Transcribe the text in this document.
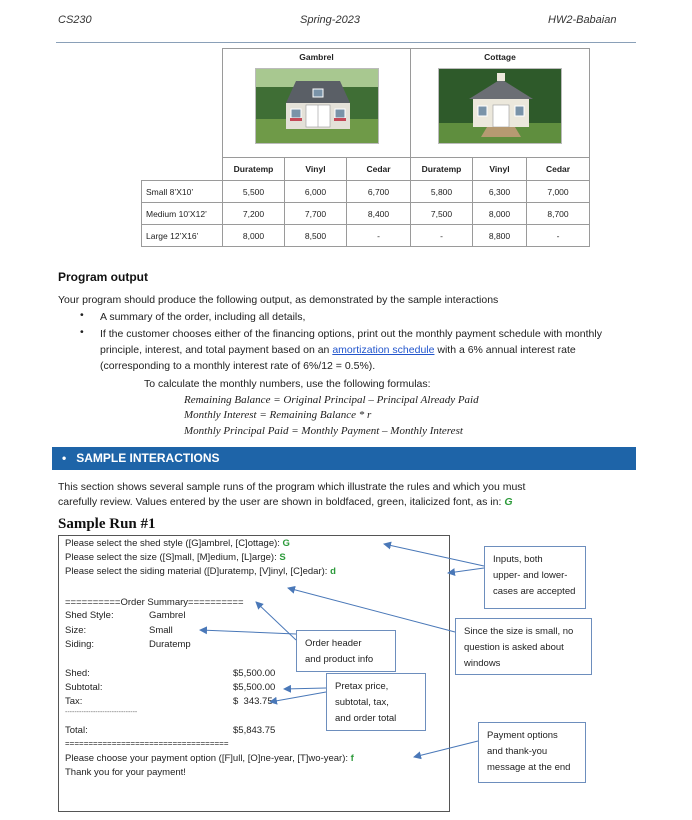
CS230	Spring-2023	HW2-Babaian

	Gambrel			Cottage		

	Duratemp	Vinyl	Cedar	Duratemp	Vinyl	Cedar
Small 8’X10’	5,500	6,000	6,700	5,800	6,300	7,000
Medium 10’X12’	7,200	7,700	8,400	7,500	8,000	8,700
Large 12’X16’	8,000	8,500	-	-	8,800	-
Program output
Your program should produce the following output, as demonstrated by the sample interactions
• A summary of the order, including all details,
• If the customer chooses either of the financing options, print out the monthly payment schedule with monthly
principle, interest, and total payment based on an amortization schedule with a 6% annual interest rate
(corresponding to a monthly interest rate of 6%/12 = 0.5%).
To calculate the monthly numbers, use the following formulas:
Remaining Balance = Original Principal – Principal Already Paid
Monthly Interest = Remaining Balance * r
Monthly Principal Paid = Monthly Payment – Monthly Interest
•   SAMPLE INTERACTIONS
This section shows several sample runs of the program which illustrate the rules and which you must
carefully review. Values entered by the user are shown in boldfaced, green, italicized font, as in: G
Sample Run #1
Please select the shed style ([G]ambrel, [C]ottage): G
Please select the size ([S]mall, [M]edium, [L]arge): S
Please select the siding material ([D]uratemp, [V]inyl, [C]edar): d
==========Order Summary==========
Shed Style:	Gambrel
Size:	Small
Siding:	Duratemp
Shed:	$5,500.00
Subtotal:	$5,500.00
Tax:	$  343.75
-------------------------------
Total:	$5,843.75
===================================
Please choose your payment option ([F]ull, [O]ne-year, [T]wo-year): f
Thank you for your payment!
Inputs, both
upper- and lower-
cases are accepted
Since the size is small, no
question is asked about
windows
Order header
and product info
Pretax price,
subtotal, tax,
and order total
Payment options
and thank-you
message at the end
